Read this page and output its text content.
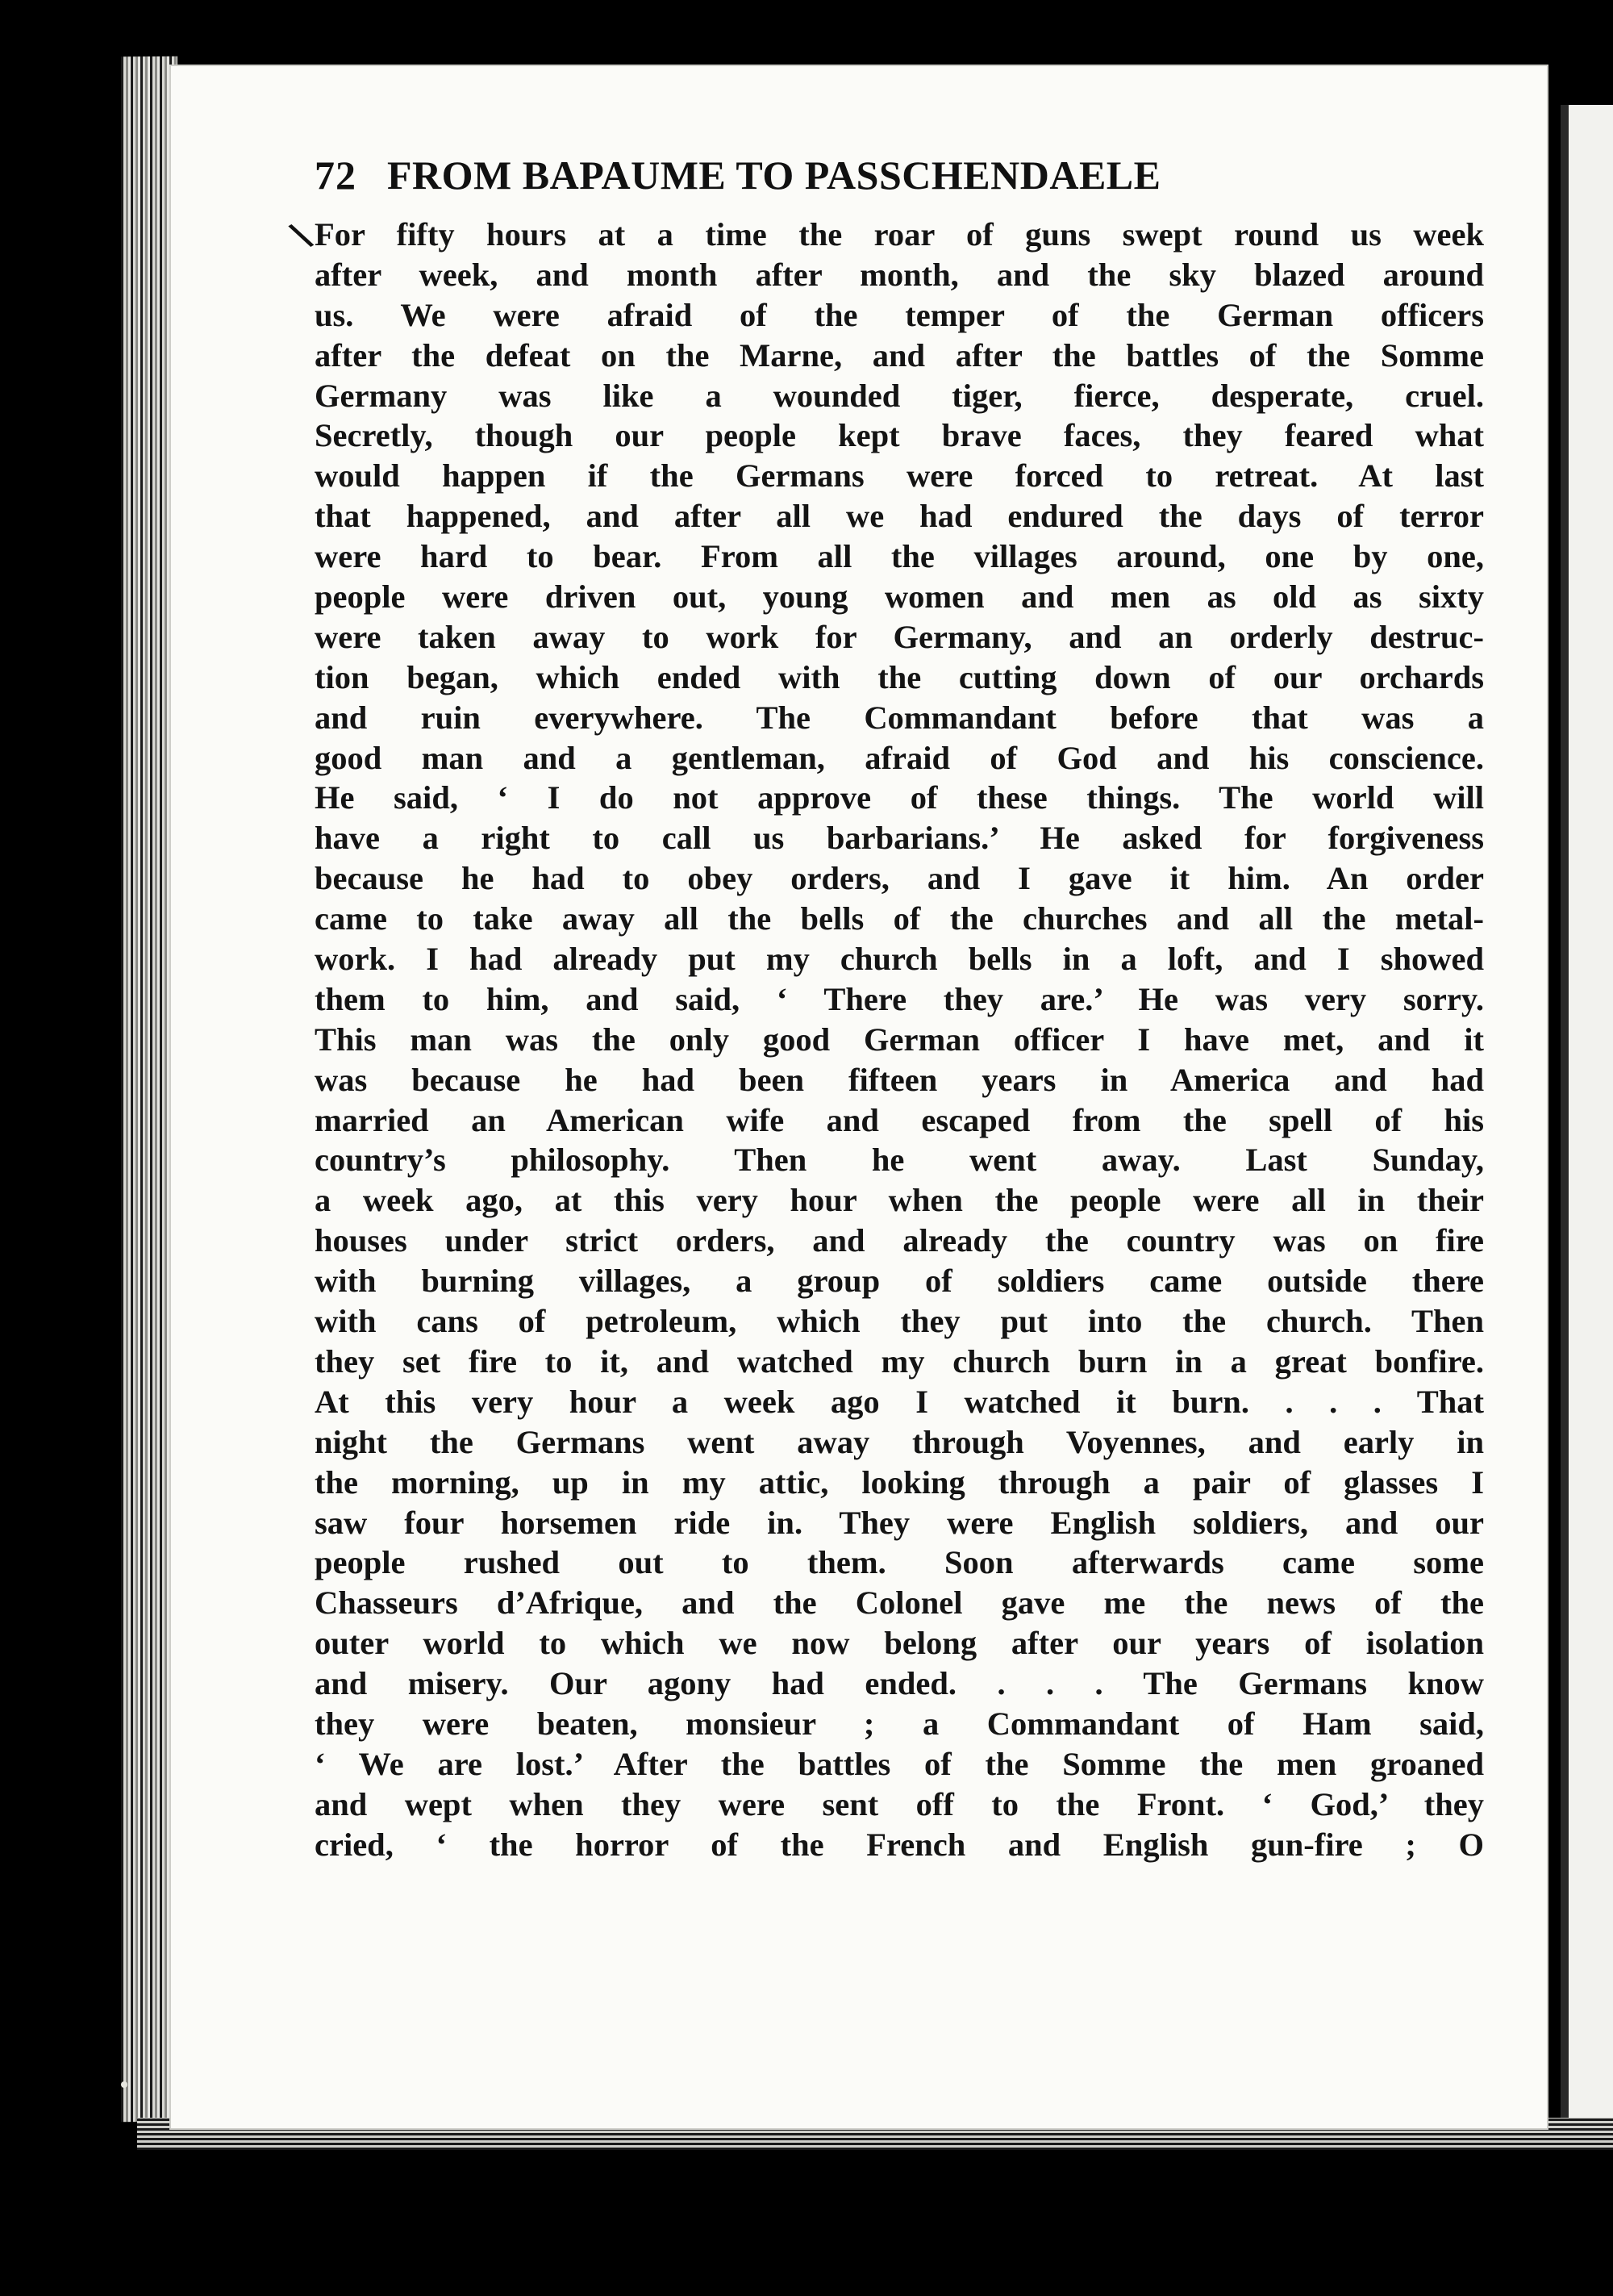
\
72 FROM BAPAUME TO PASSCHENDAELE
For fifty hours at a time the roar of guns swept round us week
after week, and month after month, and the sky blazed around
us. We were afraid of the temper of the German officers
after the defeat on the Marne, and after the battles of the Somme
Germany was like a wounded tiger, fierce, desperate, cruel.
Secretly, though our people kept brave faces, they feared what
would happen if the Germans were forced to retreat. At last
that happened, and after all we had endured the days of terror
were hard to bear. From all the villages around, one by one,
people were driven out, young women and men as old as sixty
were taken away to work for Germany, and an orderly destruc-
tion began, which ended with the cutting down of our orchards
and ruin everywhere. The Commandant before that was a
good man and a gentleman, afraid of God and his conscience.
He said, ‘ I do not approve of these things. The world will
have a right to call us barbarians.’ He asked for forgiveness
because he had to obey orders, and I gave it him. An order
came to take away all the bells of the churches and all the metal-
work. I had already put my church bells in a loft, and I showed
them to him, and said, ‘ There they are.’ He was very sorry.
This man was the only good German officer I have met, and it
was because he had been fifteen years in America and had
married an American wife and escaped from the spell of his
country’s philosophy. Then he went away. Last Sunday,
a week ago, at this very hour when the people were all in their
houses under strict orders, and already the country was on fire
with burning villages, a group of soldiers came outside there
with cans of petroleum, which they put into the church. Then
they set fire to it, and watched my church burn in a great bonfire.
At this very hour a week ago I watched it burn. . . . That
night the Germans went away through Voyennes, and early in
the morning, up in my attic, looking through a pair of glasses I
saw four horsemen ride in. They were English soldiers, and our
people rushed out to them. Soon afterwards came some
Chasseurs d’Afrique, and the Colonel gave me the news of the
outer world to which we now belong after our years of isolation
and misery. Our agony had ended. . . . The Germans know
they were beaten, monsieur ; a Commandant of Ham said,
‘ We are lost.’ After the battles of the Somme the men groaned
and wept when they were sent off to the Front. ‘ God,’ they
cried, ‘ the horror of the French and English gun-fire ; O
